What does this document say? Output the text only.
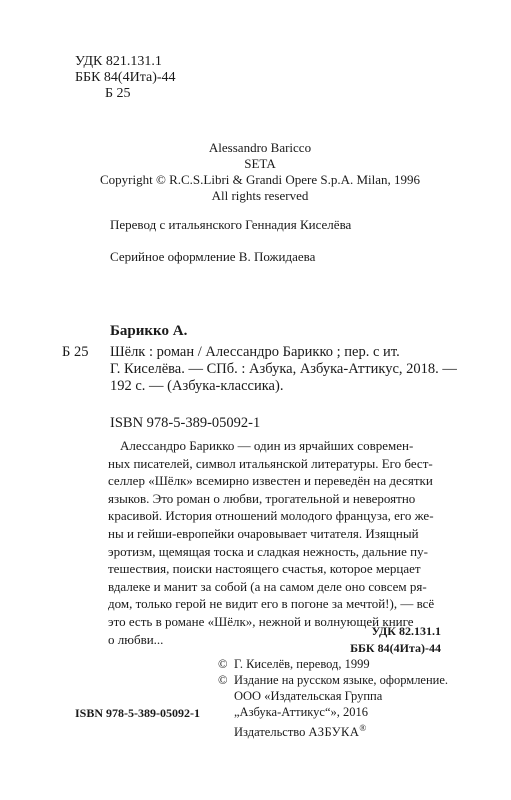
УДК 821.131.1
ББК 84(4Ита)-44
Б 25
Alessandro Baricco
SETA
Copyright © R.C.S.Libri & Grandi Opere S.p.A. Milan, 1996
All rights reserved
Перевод с итальянского Геннадия Киселёва
Серийное оформление В. Пожидаева
Барикко А.
Б 25	Шёлк : роман / Алессандро Барикко ; пер. с ит.
Г. Киселёва. — СПб. : Азбука, Азбука-Аттикус, 2018. —
192 с. — (Азбука-классика).
ISBN 978-5-389-05092-1
Алессандро Барикко — один из ярчайших современ-
ных писателей, символ итальянской литературы. Его бест-
селлер «Шёлк» всемирно известен и переведён на десятки
языков. Это роман о любви, трогательной и невероятно
красивой. История отношений молодого француза, его же-
ны и гейши-европейки очаровывает читателя. Изящный
эротизм, щемящая тоска и сладкая нежность, дальние пу-
тешествия, поиски настоящего счастья, которое мерцает
вдалеке и манит за собой (а на самом деле оно совсем ря-
дом, только герой не видит его в погоне за мечтой!), — всё
это есть в романе «Шёлк», нежной и волнующей книге
о любви...
УДК 82.131.1
ББК 84(4Ита)-44
© Г. Киселёв, перевод, 1999
© Издание на русском языке, оформление.
ООО «Издательская Группа
„Азбука-Аттикус“», 2016
Издательство АЗБУКА®
ISBN 978-5-389-05092-1
